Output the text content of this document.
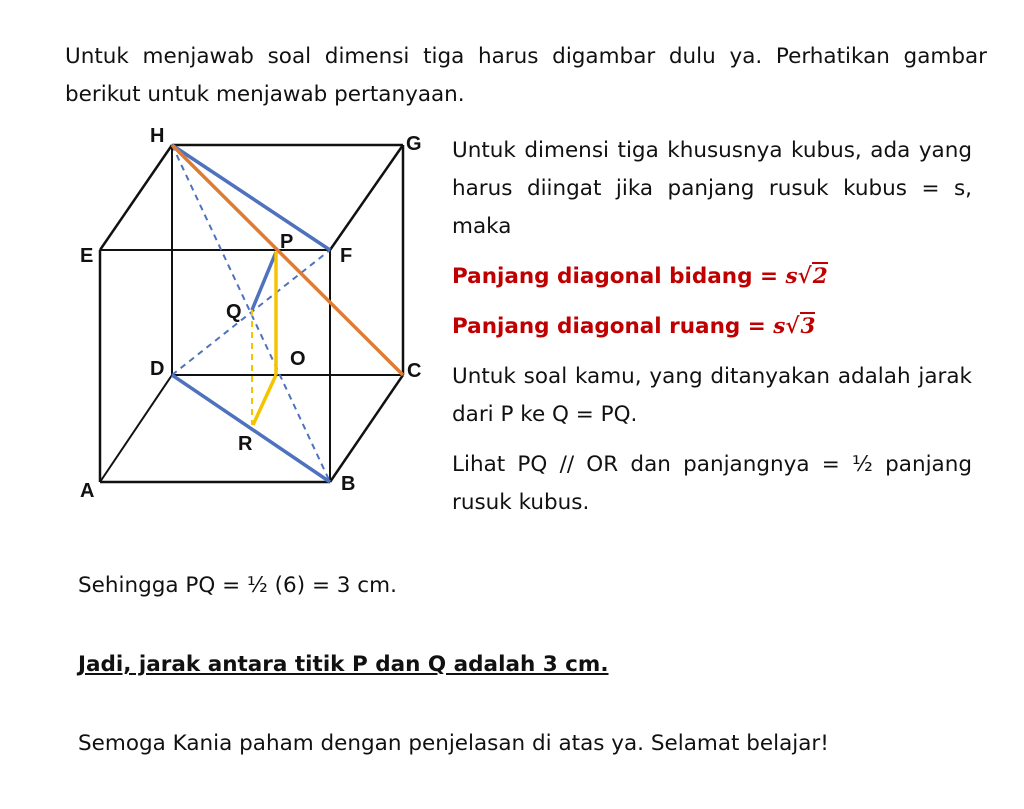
Untuk menjawab soal dimensi tiga harus digambar dulu ya. Perhatikan gambar berikut untuk menjawab pertanyaan.

H	G
E	F
P
Q
D	O
C
R
A	B

Untuk dimensi tiga khususnya kubus, ada yang harus diingat jika panjang rusuk kubus = s, maka

Panjang diagonal bidang = s√2

Panjang diagonal ruang = s√3

Untuk soal kamu, yang ditanyakan adalah jarak dari P ke Q = PQ.

Lihat PQ // OR dan panjangnya = ½ panjang rusuk kubus.

Sehingga PQ = ½ (6) = 3 cm.

Jadi, jarak antara titik P dan Q adalah 3 cm.

Semoga Kania paham dengan penjelasan di atas ya. Selamat belajar!
